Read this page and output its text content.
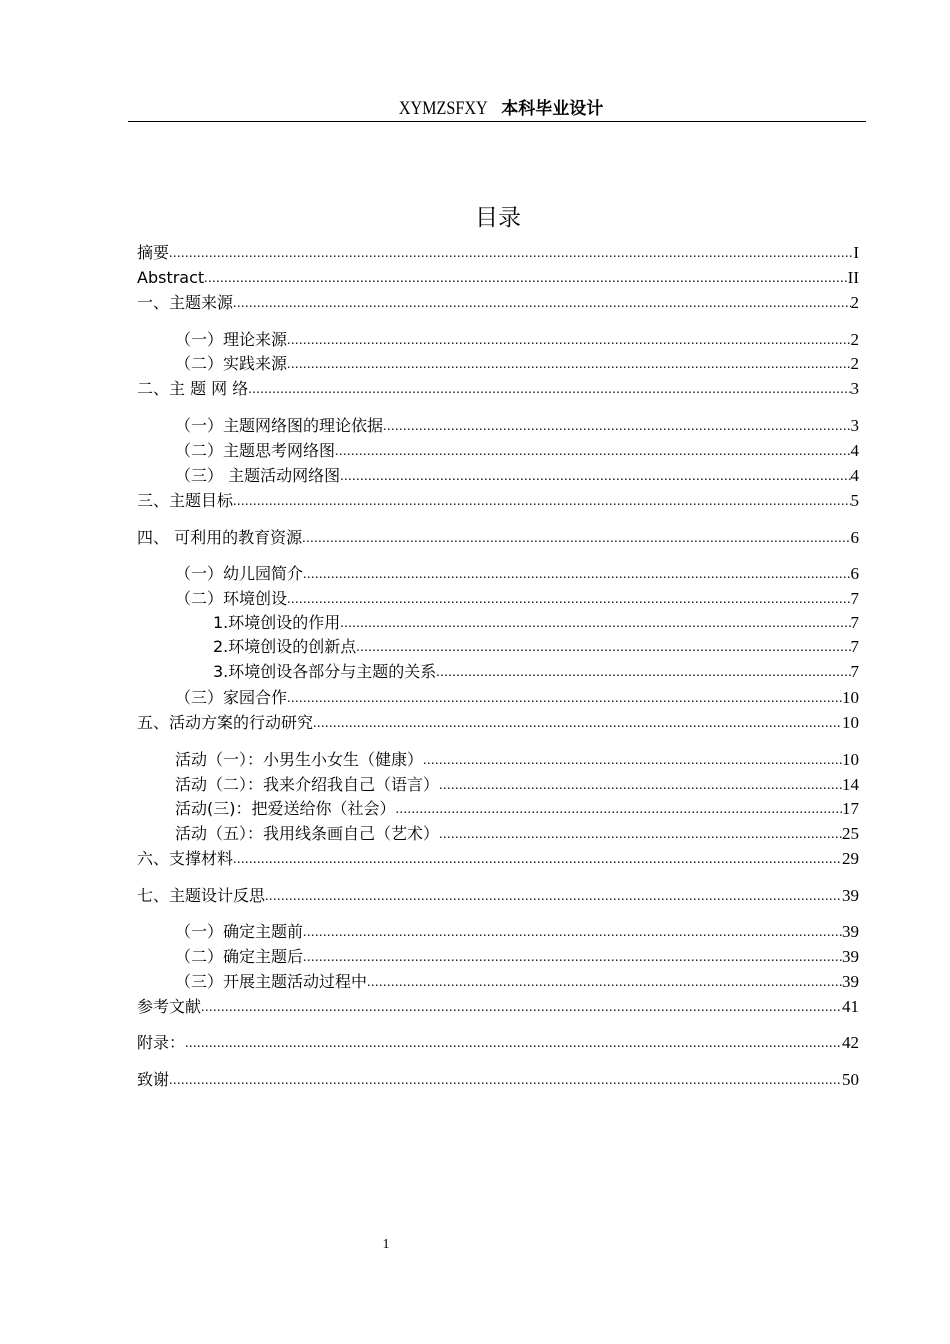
XYMZSFXY 本科毕业设计
目录
摘要 .....	I
Abstract .....	II
一、主题来源 .....	2
（一）理论来源 .....	2
（二）实践来源 .....	2
二、主 题 网 络 .....	3
（一）主题网络图的理论依据 .....	3
（二）主题思考网络图 .....	4
（三） 主题活动网络图 .....	4
三、主题目标 .....	5
四、 可利用的教育资源 .....	6
（一）幼儿园简介 .....	6
（二）环境创设 .....	7
1.环境创设的作用 .....	7
2.环境创设的创新点 .....	7
3.环境创设各部分与主题的关系 .....	7
（三）家园合作 .....	10
五、活动方案的行动研究 .....	10
活动（一）：小男生小女生（健康） .....	10
活动（二）：我来介绍我自己（语言） .....	14
活动(三)：把爱送给你（社会） .....	17
活动（五）：我用线条画自己（艺术） .....	25
六、支撑材料 .....	29
七、主题设计反思 .....	39
（一）确定主题前 .....	39
（二）确定主题后 .....	39
（三）开展主题活动过程中 .....	39
参考文献 .....	41
附录： .....	42
致谢 .....	50
1
